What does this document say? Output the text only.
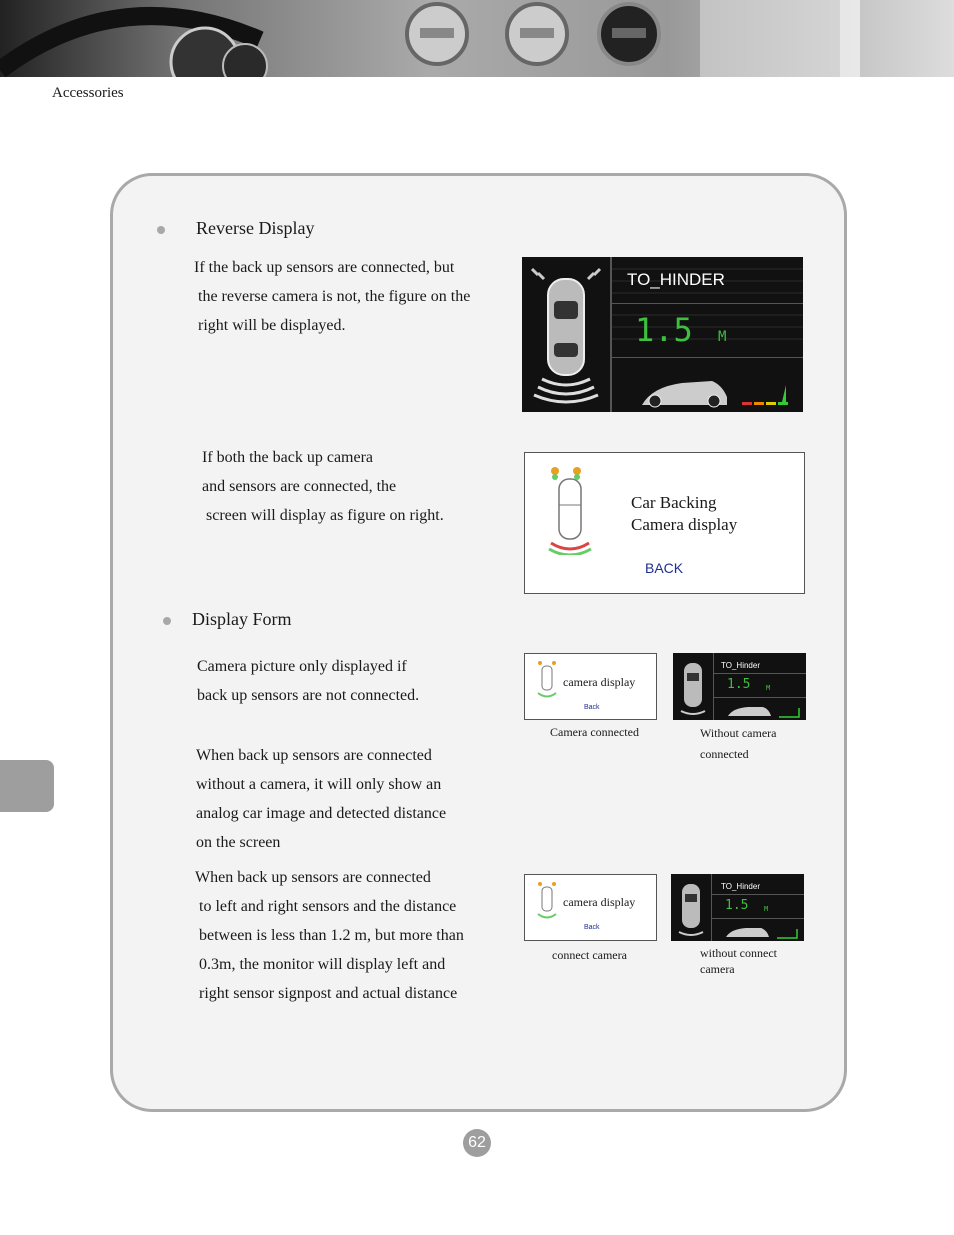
Accessories
Reverse Display
If the back up sensors are connected, but
the reverse camera is not, the figure on the
right will be displayed.
TO_HINDER
1.5 M
If both the back up camera
and sensors are connected, the
screen will display as figure on right.
Car Backing
Camera display
BACK
Display Form
Camera picture only displayed if
back up sensors are not connected.
When back up sensors are connected
without a camera, it will only show an
analog car image and detected distance
on the screen
When back up sensors are connected
to left and right sensors and the distance
between is less than 1.2 m, but more than
0.3m, the monitor will display left and
right sensor signpost and actual distance
camera display
Back
TO_Hinder
1.5 M
Camera connected	Without camera
connected
camera display
Back
TO_Hinder
1.5 M
connect camera	without connect
camera
62
